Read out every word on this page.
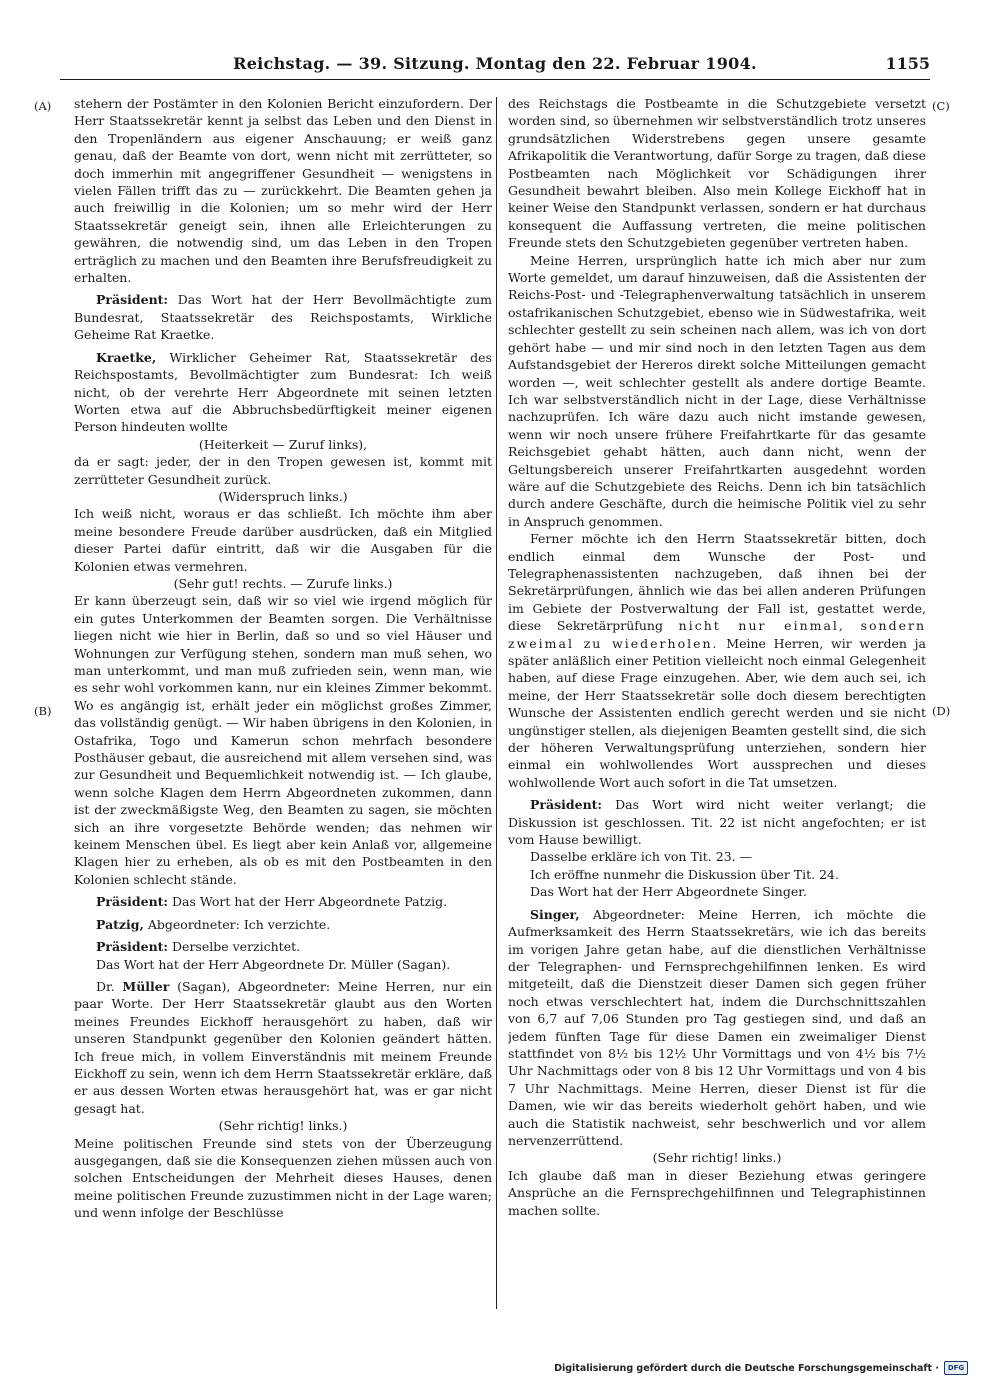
Reichstag. — 39. Sitzung. Montag den 22. Februar 1904.	1155
(A)
(B)
(C)
(D)

stehern der Postämter in den Kolonien Bericht einzufordern. Der Herr Staatssekretär kennt ja selbst das Leben und den Dienst in den Tropenländern aus eigener Anschauung; er weiß ganz genau, daß der Beamte von dort, wenn nicht mit zerrütteter, so doch immerhin mit angegriffener Gesundheit — wenigstens in vielen Fällen trifft das zu — zurückkehrt. Die Beamten gehen ja auch freiwillig in die Kolonien; um so mehr wird der Herr Staatssekretär geneigt sein, ihnen alle Erleichterungen zu gewähren, die notwendig sind, um das Leben in den Tropen erträglich zu machen und den Beamten ihre Berufsfreudigkeit zu erhalten.

Präsident: Das Wort hat der Herr Bevollmächtigte zum Bundesrat, Staatssekretär des Reichspostamts, Wirkliche Geheime Rat Kraetke.

Kraetke, Wirklicher Geheimer Rat, Staatssekretär des Reichspostamts, Bevollmächtigter zum Bundesrat: Ich weiß nicht, ob der verehrte Herr Abgeordnete mit seinen letzten Worten etwa auf die Abbruchsbedürftigkeit meiner eigenen Person hindeuten wollte

(Heiterkeit — Zuruf links),

da er sagt: jeder, der in den Tropen gewesen ist, kommt mit zerrütteter Gesundheit zurück.

(Widerspruch links.)

Ich weiß nicht, woraus er das schließt. Ich möchte ihm aber meine besondere Freude darüber ausdrücken, daß ein Mitglied dieser Partei dafür eintritt, daß wir die Ausgaben für die Kolonien etwas vermehren.

(Sehr gut! rechts. — Zurufe links.)

Er kann überzeugt sein, daß wir so viel wie irgend möglich für ein gutes Unterkommen der Beamten sorgen. Die Verhältnisse liegen nicht wie hier in Berlin, daß so und so viel Häuser und Wohnungen zur Verfügung stehen, sondern man muß sehen, wo man unterkommt, und man muß zufrieden sein, wenn man, wie es sehr wohl vorkommen kann, nur ein kleines Zimmer bekommt. Wo es angängig ist, erhält jeder ein möglichst großes Zimmer, das vollständig genügt. — Wir haben übrigens in den Kolonien, in Ostafrika, Togo und Kamerun schon mehrfach besondere Posthäuser gebaut, die ausreichend mit allem versehen sind, was zur Gesundheit und Bequemlichkeit notwendig ist. — Ich glaube, wenn solche Klagen dem Herrn Abgeordneten zukommen, dann ist der zweckmäßigste Weg, den Beamten zu sagen, sie möchten sich an ihre vorgesetzte Behörde wenden; das nehmen wir keinem Menschen übel. Es liegt aber kein Anlaß vor, allgemeine Klagen hier zu erheben, als ob es mit den Postbeamten in den Kolonien schlecht stände.

Präsident: Das Wort hat der Herr Abgeordnete Patzig.

Patzig, Abgeordneter: Ich verzichte.

Präsident: Derselbe verzichtet.

Das Wort hat der Herr Abgeordnete Dr. Müller (Sagan).

Dr. Müller (Sagan), Abgeordneter: Meine Herren, nur ein paar Worte. Der Herr Staatssekretär glaubt aus den Worten meines Freundes Eickhoff herausgehört zu haben, daß wir unseren Standpunkt gegenüber den Kolonien geändert hätten. Ich freue mich, in vollem Einverständnis mit meinem Freunde Eickhoff zu sein, wenn ich dem Herrn Staatssekretär erkläre, daß er aus dessen Worten etwas herausgehört hat, was er gar nicht gesagt hat.

(Sehr richtig! links.)

Meine politischen Freunde sind stets von der Überzeugung ausgegangen, daß sie die Konsequenzen ziehen müssen auch von solchen Entscheidungen der Mehrheit dieses Hauses, denen meine politischen Freunde zuzustimmen nicht in der Lage waren; und wenn infolge der Beschlüsse

des Reichstags die Postbeamte in die Schutzgebiete versetzt worden sind, so übernehmen wir selbstverständlich trotz unseres grundsätzlichen Widerstrebens gegen unsere gesamte Afrikapolitik die Verantwortung, dafür Sorge zu tragen, daß diese Postbeamten nach Möglichkeit vor Schädigungen ihrer Gesundheit bewahrt bleiben. Also mein Kollege Eickhoff hat in keiner Weise den Standpunkt verlassen, sondern er hat durchaus konsequent die Auffassung vertreten, die meine politischen Freunde stets den Schutzgebieten gegenüber vertreten haben.

Meine Herren, ursprünglich hatte ich mich aber nur zum Worte gemeldet, um darauf hinzuweisen, daß die Assistenten der Reichs-Post- und -Telegraphenverwaltung tatsächlich in unserem ostafrikanischen Schutzgebiet, ebenso wie in Südwestafrika, weit schlechter gestellt zu sein scheinen nach allem, was ich von dort gehört habe — und mir sind noch in den letzten Tagen aus dem Aufstandsgebiet der Hereros direkt solche Mitteilungen gemacht worden —, weit schlechter gestellt als andere dortige Beamte. Ich war selbstverständlich nicht in der Lage, diese Verhältnisse nachzuprüfen. Ich wäre dazu auch nicht imstande gewesen, wenn wir noch unsere frühere Freifahrtkarte für das gesamte Reichsgebiet gehabt hätten, auch dann nicht, wenn der Geltungsbereich unserer Freifahrtkarten ausgedehnt worden wäre auf die Schutzgebiete des Reichs. Denn ich bin tatsächlich durch andere Geschäfte, durch die heimische Politik viel zu sehr in Anspruch genommen.

Ferner möchte ich den Herrn Staatssekretär bitten, doch endlich einmal dem Wunsche der Post- und Telegraphenassistenten nachzugeben, daß ihnen bei der Sekretärprüfungen, ähnlich wie das bei allen anderen Prüfungen im Gebiete der Postverwaltung der Fall ist, gestattet werde, diese Sekretärprüfung nicht nur einmal, sondern zweimal zu wiederholen. Meine Herren, wir werden ja später anläßlich einer Petition vielleicht noch einmal Gelegenheit haben, auf diese Frage einzugehen. Aber, wie dem auch sei, ich meine, der Herr Staatssekretär solle doch diesem berechtigten Wunsche der Assistenten endlich gerecht werden und sie nicht ungünstiger stellen, als diejenigen Beamten gestellt sind, die sich der höheren Verwaltungsprüfung unterziehen, sondern hier einmal ein wohlwollendes Wort aussprechen und dieses wohlwollende Wort auch sofort in die Tat umsetzen.

Präsident: Das Wort wird nicht weiter verlangt; die Diskussion ist geschlossen. Tit. 22 ist nicht angefochten; er ist vom Hause bewilligt.

Dasselbe erkläre ich von Tit. 23. —

Ich eröffne nunmehr die Diskussion über Tit. 24.

Das Wort hat der Herr Abgeordnete Singer.

Singer, Abgeordneter: Meine Herren, ich möchte die Aufmerksamkeit des Herrn Staatssekretärs, wie ich das bereits im vorigen Jahre getan habe, auf die dienstlichen Verhältnisse der Telegraphen- und Fernsprechgehilfinnen lenken. Es wird mitgeteilt, daß die Dienstzeit dieser Damen sich gegen früher noch etwas verschlechtert hat, indem die Durchschnittszahlen von 6,7 auf 7,06 Stunden pro Tag gestiegen sind, und daß an jedem fünften Tage für diese Damen ein zweimaliger Dienst stattfindet von 8½ bis 12½ Uhr Vormittags und von 4½ bis 7½ Uhr Nachmittags oder von 8 bis 12 Uhr Vormittags und von 4 bis 7 Uhr Nachmittags. Meine Herren, dieser Dienst ist für die Damen, wie wir das bereits wiederholt gehört haben, und wie auch die Statistik nachweist, sehr beschwerlich und vor allem nervenzerrüttend.

(Sehr richtig! links.)

Ich glaube daß man in dieser Beziehung etwas geringere Ansprüche an die Fernsprechgehilfinnen und Telegraphistinnen machen sollte.

Digitalisierung gefördert durch die Deutsche Forschungsgemeinschaft ·	DFG
